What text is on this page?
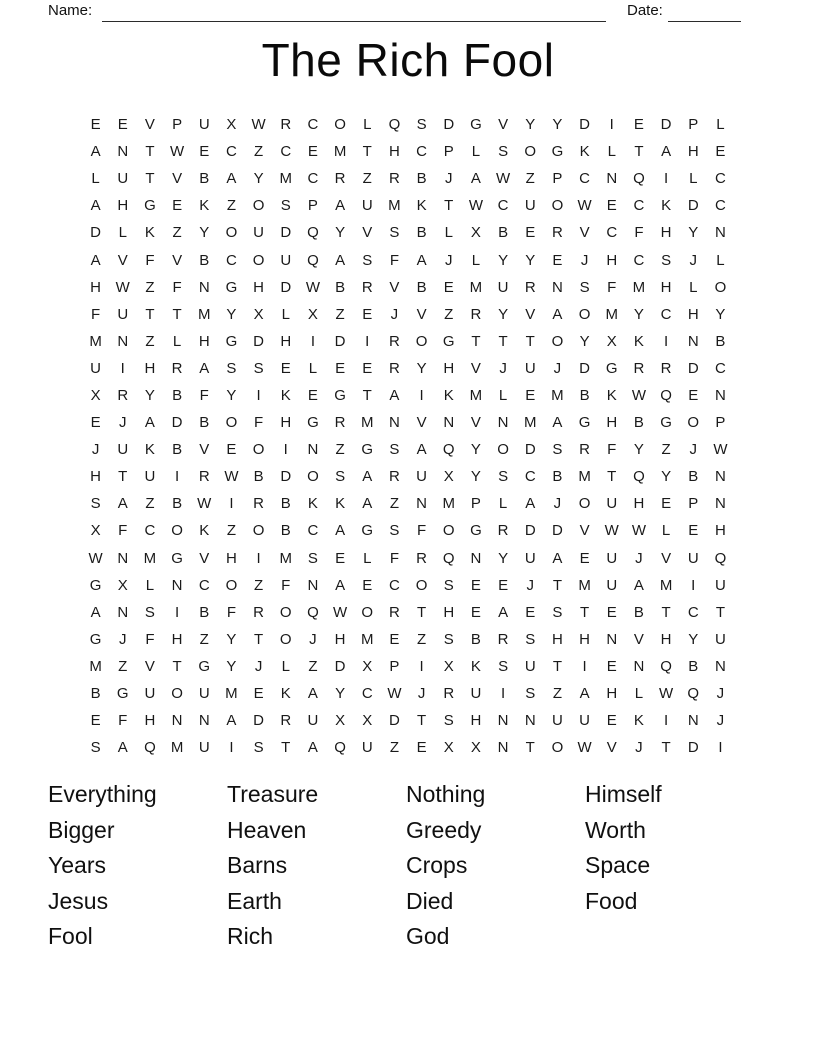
Name:	Date:
The Rich Fool
E	E	V	P	U	X	W R	C	O	L	Q	S	D	G	V	Y	Y	D	I	E	D	P	L
A	N	T	W	E	C	Z	C	E	M	T	H	C	P	L	S	O	G	K	L	T	A	H	E
L	U	T	V	B	A	Y	M	C	R	Z	R	B	J	A	W	Z	P	C	N	Q	I	L	C
A	H	G	E	K	Z	O	S	P	A	U	M	K	T	W C	U	O W	E	C	K	D	C
D	L	K	Z	Y	O	U	D	Q	Y	V	S	B	L	X	B	E	R	V	C	F	H	Y	N
A	V	F	V	B	C	O	U	Q	A	S	F	A	J	L	Y	Y	E	J	H	C	S	J	L
H W	Z	F	N	G	H	D W	B	R	V	B	E	M	U	R	N	S	F	M	H	L	O
F	U	T	T	M	Y	X	L	X	Z	E	J	V	Z	R	Y	V	A	O	M	Y	C	H	Y
M	N	Z	L	H	G	D	H	I	D	I	R	O	G	T	T	T	O	Y	X	K	I	N	B
U	I	H	R	A	S	S	E	L	E	E	R	Y	H	V	J	U	J	D	G	R	R	D	C
X	R	Y	B	F	Y	I	K	E	G	T	A	I	K	M	L	E	M	B	K	W Q	E	N
E	J	A	D	B	O	F	H	G	R	M	N	V	N	V	N	M	A	G	H	B	G	O	P
J	U	K	B	V	E	O	I	N	Z	G	S	A	Q	Y	O	D	S	R	F	Y	Z	J	W
H	T	U	I	R W	B	D	O	S	A	R	U	X	Y	S	C	B	M	T	Q	Y	B	N
S	A	Z	B	W	I	R	B	K	K	A	Z	N	M	P	L	A	J	O	U	H	E	P	N
X	F	C	O	K	Z	O	B	C	A	G	S	F	O	G	R	D	D	V	W W	L	E	H
W N	M	G	V	H	I	M	S	E	L	F	R	Q	N	Y	U	A	E	U	J	V	U	Q
G	X	L	N	C	O	Z	F	N	A	E	C	O	S	E	E	J	T	M	U	A	M	I	U
A	N	S	I	B	F	R	O	Q W O	R	T	H	E	A	E	S	T	E	B	T	C	T
G	J	F	H	Z	Y	T	O	J	H	M	E	Z	S	B	R	S	H	H	N	V	H	Y	U
M	Z	V	T	G	Y	J	L	Z	D	X	P	I	X	K	S	U	T	I	E	N	Q	B	N
B	G	U	O	U	M	E	K	A	Y	C W	J	R	U	I	S	Z	A	H	L	W Q	J
E	F	H	N	N	A	D	R	U	X	X	D	T	S	H	N	N	U	U	E	K	I	N	J
S	A	Q	M	U	I	S	T	A	Q	U	Z	E	X	X	N	T	O W	V	J	T	D	I
Everything
Bigger
Years
Jesus
Fool
Treasure
Heaven
Barns
Earth
Rich
Nothing
Greedy
Crops
Died
God
Himself
Worth
Space
Food
